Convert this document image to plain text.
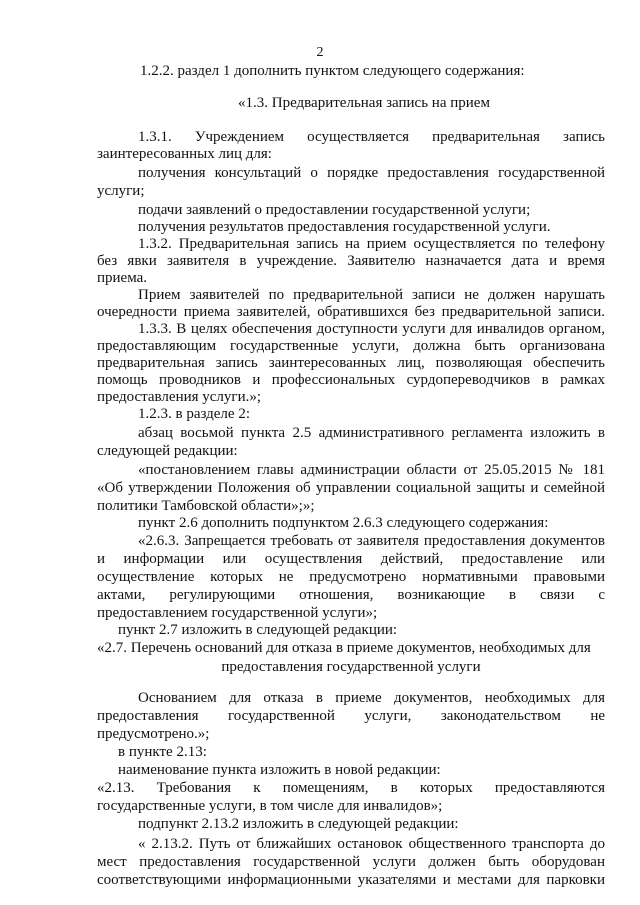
2
1.2.2. раздел 1 дополнить пунктом следующего содержания:
«1.3. Предварительная запись на прием
1.3.1. Учреждением осуществляется предварительная запись
заинтересованных лиц для:
получения консультаций о порядке предоставления государственной
услуги;
подачи заявлений о предоставлении государственной услуги;
получения результатов предоставления государственной услуги.
1.3.2. Предварительная запись на прием осуществляется по телефону
без явки заявителя в учреждение. Заявителю назначается дата и время
приема.
Прием заявителей по предварительной записи не должен нарушать
очередности приема заявителей, обратившихся без предварительной записи.
1.3.3. В целях обеспечения доступности услуги для инвалидов органом,
предоставляющим государственные услуги, должна быть организована
предварительная запись заинтересованных лиц, позволяющая обеспечить
помощь проводников и профессиональных сурдопереводчиков в рамках
предоставления услуги.»;
1.2.3. в разделе 2:
абзац восьмой пункта 2.5 административного регламента изложить в
следующей редакции:
«постановлением главы администрации области от 25.05.2015 № 181
«Об утверждении Положения об управлении социальной защиты и семейной
политики Тамбовской области»;»;
пункт 2.6 дополнить подпунктом 2.6.3 следующего содержания:
«2.6.3. Запрещается требовать от заявителя предоставления документов
и информации или осуществления действий, предоставление или
осуществление которых не предусмотрено нормативными правовыми
актами, регулирующими отношения, возникающие в связи с
предоставлением государственной услуги»;
пункт 2.7 изложить в следующей редакции:
«2.7. Перечень оснований для отказа в приеме документов, необходимых для
предоставления государственной услуги
Основанием для отказа в приеме документов, необходимых для
предоставления государственной услуги, законодательством не
предусмотрено.»;
в пункте 2.13:
наименование пункта изложить в новой редакции:
«2.13. Требования к помещениям, в которых предоставляются
государственные услуги, в том числе для инвалидов»;
подпункт 2.13.2 изложить в следующей редакции:
« 2.13.2. Путь от ближайших остановок общественного транспорта до
мест предоставления государственной услуги должен быть оборудован
соответствующими информационными указателями и местами для парковки
